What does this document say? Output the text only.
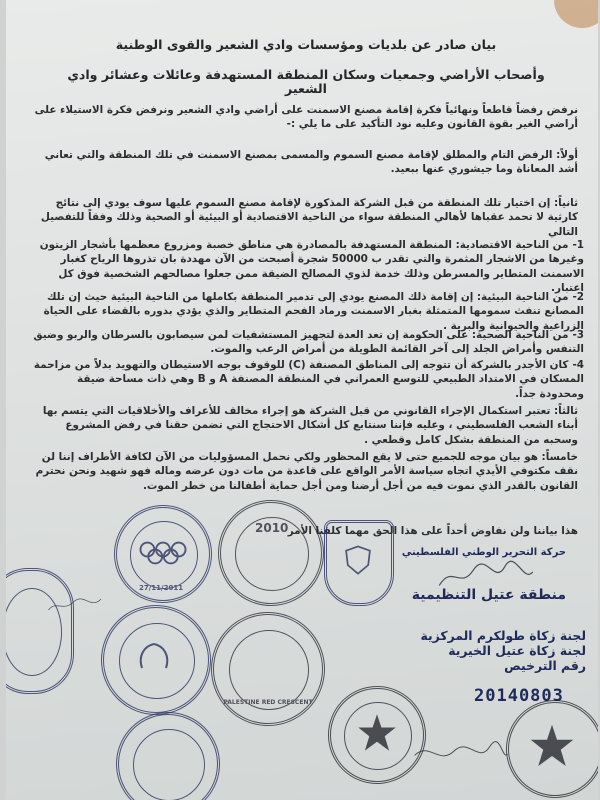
بيان صادر عن بلديات ومؤسسات وادي الشعير والقوى الوطنية
وأصحاب الأراضي وجمعيات وسكان المنطقة المستهدفة وعائلات وعشائر وادي الشعير
نرفض رفضاً قاطعاً ونهائياً فكرة إقامة مصنع الاسمنت على أراضي وادي الشعير ونرفض فكرة الاستيلاء على أراضي الغير بقوة القانون وعليه نود التأكيد على ما يلي :-
أولاً: الرفض التام والمطلق لإقامة مصنع السموم والمسمى بمصنع الاسمنت في تلك المنطقة والتي تعاني أشد المعاناة وما جيشوري عنها ببعيد.
ثانياً: إن اختيار تلك المنطقة من قبل الشركة المذكورة لإقامة مصنع السموم عليها سوف يودي إلى نتائج كارثية لا تحمد عقباها لأهالي المنطقة سواء من الناحية الاقتصادية أو البيئية أو الصحية وذلك وفقاً للتفصيل التالي
1-من الناحية الاقتصادية: المنطقة المستهدفة بالمصادرة هي مناطق خصبة ومزروع معظمها بأشجار الزيتون وغيرها من الاشجار المثمرة والتي تقدر ب 50000 شجرة أصبحت من الآن مهددة بان تذروها الرياح كغبار الاسمنت المتطاير والمسرطن وذلك خدمة لذوي المصالح الضيقة ممن جعلوا مصالحهم الشخصية فوق كل اعتبار.
2-من الناحية البيئية: إن إقامة ذلك المصنع يودي إلى تدمير المنطقة بكاملها من الناحية البيئية حيث إن تلك المصانع تنفث سمومها المتمثلة بغبار الاسمنت ورماد الفحم المتطاير والذي يؤدي بدوره بالقضاء على الحياة الزراعية والحيوانية والبرية .
3-من الناحية الصحية: على الحكومة إن تعد العدة لتجهيز المستشفيات لمن سيصابون بالسرطان والربو وضيق التنفس وأمراض الجلد إلى آخر القائمة الطويلة من أمراض الرعب والموت.
4-كان الأجدر بالشركة أن تتوجه إلى المناطق المصنفة (C) للوقوف بوجه الاستيطان والتهويد بدلاً من مزاحمة المسكان في الامتداد الطبيعي للتوسع العمراني في المنطقة المصنفة A و B وهي ذات مساحة ضيقة ومحدودة جداً.
ثالثاً: تعتبر استكمال الإجراء القانوني من قبل الشركة هو إجراء مخالف للأعراف والأخلاقيات التي يتسم بها أبناء الشعب الفلسطيني ، وعليه فإننا سنتابع كل أشكال الاحتجاج التي تضمن حقنا في رفض المشروع وسحبه من المنطقة بشكل كامل وقطعي .
خامساً: هو بيان موجه للجميع حتى لا يقع المحظور ولكي نحمل المسؤوليات من الآن لكافة الأطراف إننا لن نقف مكتوفي الأيدي اتجاه سياسة الأمر الواقع على قاعدة من مات دون عرضه وماله فهو شهيد ونحن نحترم القانون بالقدر الذي نموت فيه من أجل أرضنا ومن أجل حماية أطفالنا من خطر الموت.
هذا بياننا ولن نفاوض أحداً على هذا الحق مهما كلفنا الأمر
حركة التحرير الوطني الفلسطيني
منطقة عتيل التنظيمية
لجنة زكاة طولكرم المركزية
لجنة زكاة عتيل الخيرية
رقم الترخيص
20140803
27/11/2011
2010
PALESTINE RED CRESCENT
